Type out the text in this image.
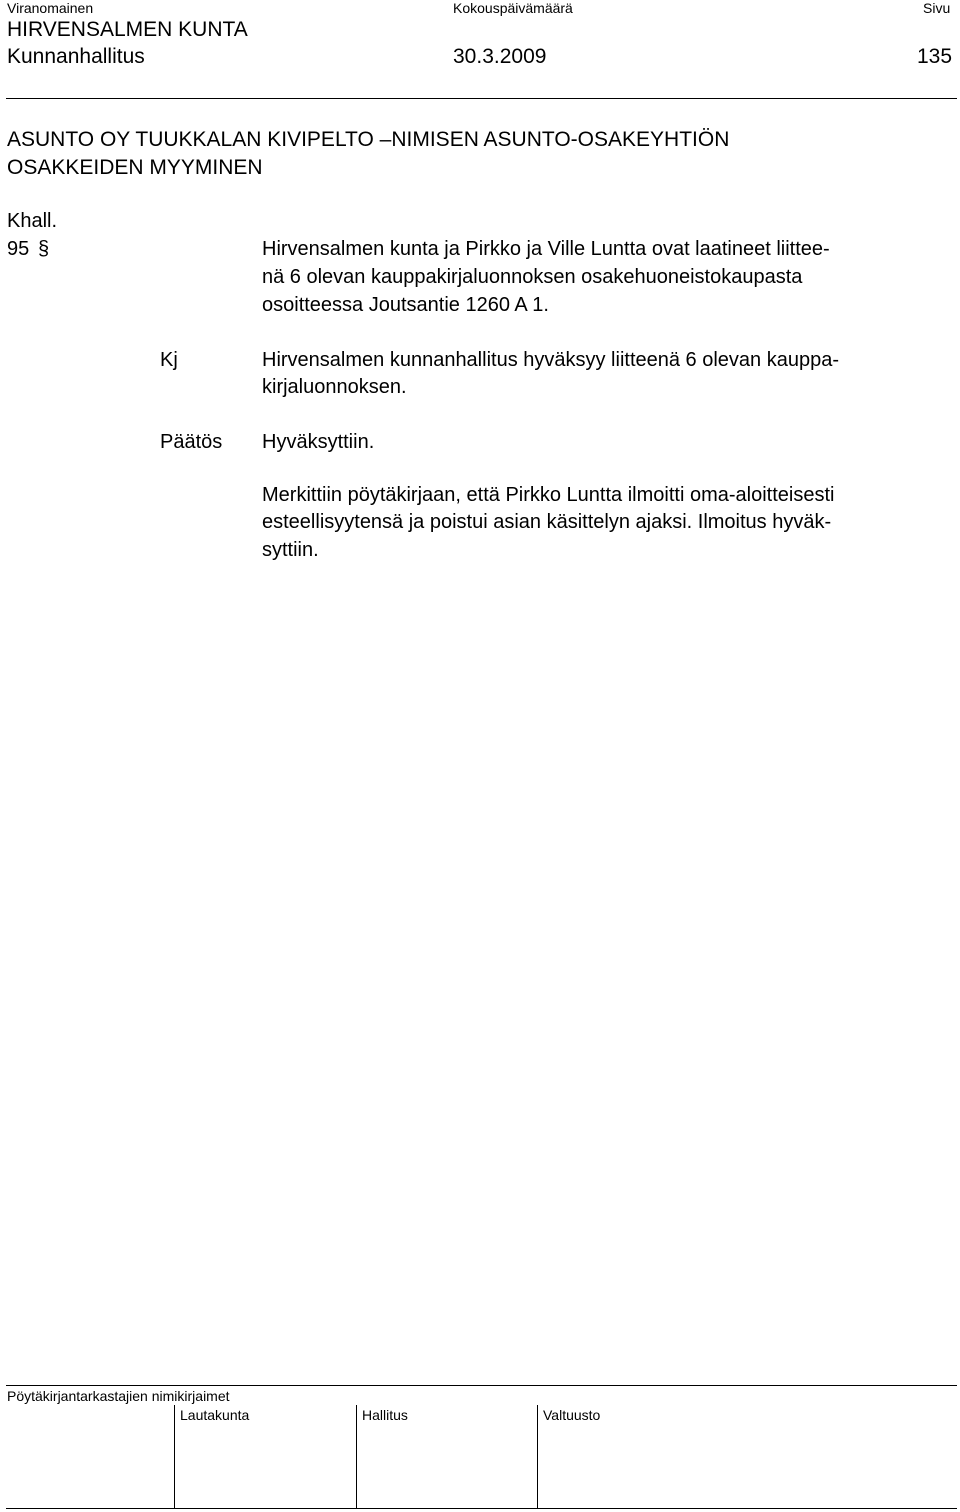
Viranomainen	Kokouspäivämäärä	Sivu
HIRVENSALMEN KUNTA
Kunnanhallitus	30.3.2009	135
ASUNTO OY TUUKKALAN KIVIPELTO –NIMISEN ASUNTO-OSAKEYHTIÖN
OSAKKEIDEN MYYMINEN
Khall.
95 §	Hirvensalmen kunta ja Pirkko ja Ville Luntta ovat laatineet liittee-
nä 6 olevan kauppakirjaluonnoksen osakehuoneistokaupasta
osoitteessa Joutsantie 1260 A 1.
Kj	Hirvensalmen kunnanhallitus hyväksyy liitteenä 6 olevan kauppa-
kirjaluonnoksen.
Päätös Hyväksyttiin.
Merkittiin pöytäkirjaan, että Pirkko Luntta ilmoitti oma-aloitteisesti
esteellisyytensä ja poistui asian käsittelyn ajaksi. Ilmoitus hyväk-
syttiin.
Pöytäkirjantarkastajien nimikirjaimet
Lautakunta	Hallitus	Valtuusto
